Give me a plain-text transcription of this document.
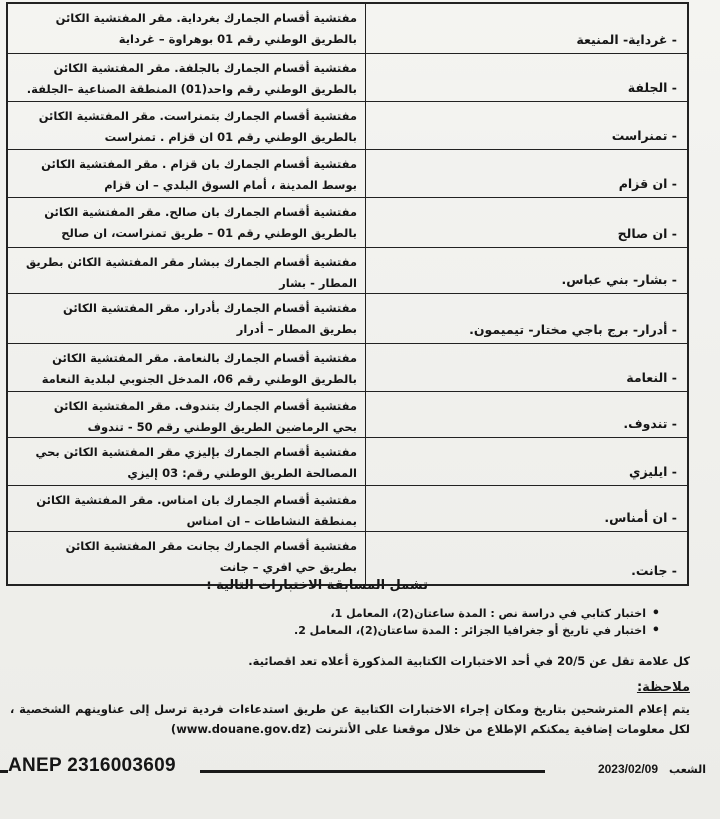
- غرداية- المنيعة
مفتشية أقسام الجمارك بغرداية. مقر المفتشية الكائن بالطريق الوطني رقم 01 بوهراوة – غرداية
- الجلفة
مفتشية أقسام الجمارك بالجلفة. مقر المفتشية الكائن بالطريق الوطني رقم واحد(01) المنطقة الصناعية –الجلفة.
- تمنراست
مفتشية أقسام الجمارك بتمنراست. مقر المفتشية الكائن بالطريق الوطني رقم 01 ان قزام . تمنراست
- ان قزام
مفتشية أقسام الجمارك بان قزام . مقر المفتشية الكائن بوسط المدينة ، أمام السوق البلدي – ان قزام
- ان صالح
مفتشية أقسام الجمارك بان صالح. مقر المفتشية الكائن بالطريق الوطني رقم 01 – طريق تمنراست، ان صالح
- بشار- بني عباس.
مفتشية أقسام الجمارك ببشار مقر المفتشية الكائن بطريق المطار - بشار
- أدرار- برج باجي مختار- تيميمون.
مفتشية أقسام الجمارك بأدرار. مقر المفتشية الكائن بطريق المطار – أدرار
- النعامة
مفتشية أقسام الجمارك بالنعامة. مقر المفتشية الكائن بالطريق الوطني رقم 06، المدخل الجنوبي لبلدية النعامة
- تندوف.
مفتشية أقسام الجمارك بتندوف. مقر المفتشية الكائن بحي الرماضين الطريق الوطني رقم 50 - تندوف
- ايليزي
مفتشية أقسام الجمارك بإليزي مقر المفتشية الكائن بحي المصالحة الطريق الوطني رقم: 03 إليزي
- ان أمناس.
مفتشية أقسام الجمارك بان امناس. مقر المفتشية الكائن بمنطقة النشاطات – ان امناس
- جانت.
مفتشية أقسام الجمارك بجانت مقر المفتشية الكائن بطريق حي افري – جانت
تشمل المسابقة الاختبارات التالية :
• اختبار كتابي في دراسة نص : المدة ساعتان(2)، المعامل 1،
• اختبار في تاريخ أو جغرافيا الجزائر : المدة ساعتان(2)، المعامل 2.
كل علامة تقل عن 20/5 في أحد الاختبارات الكتابية المذكورة أعلاه تعد اقصائية.
ملاحظة:
يتم إعلام المترشحين بتاريخ ومكان إجراء الاختبارات الكتابية عن طريق استدعاءات فردية ترسل إلى عناوينهم الشخصية ، لكل معلومات إضافية يمكنكم الإطلاع من خلال موقعنا على الأنترنت (www.douane.gov.dz)
ANEP 2316003609	2023/02/09 الشعب
